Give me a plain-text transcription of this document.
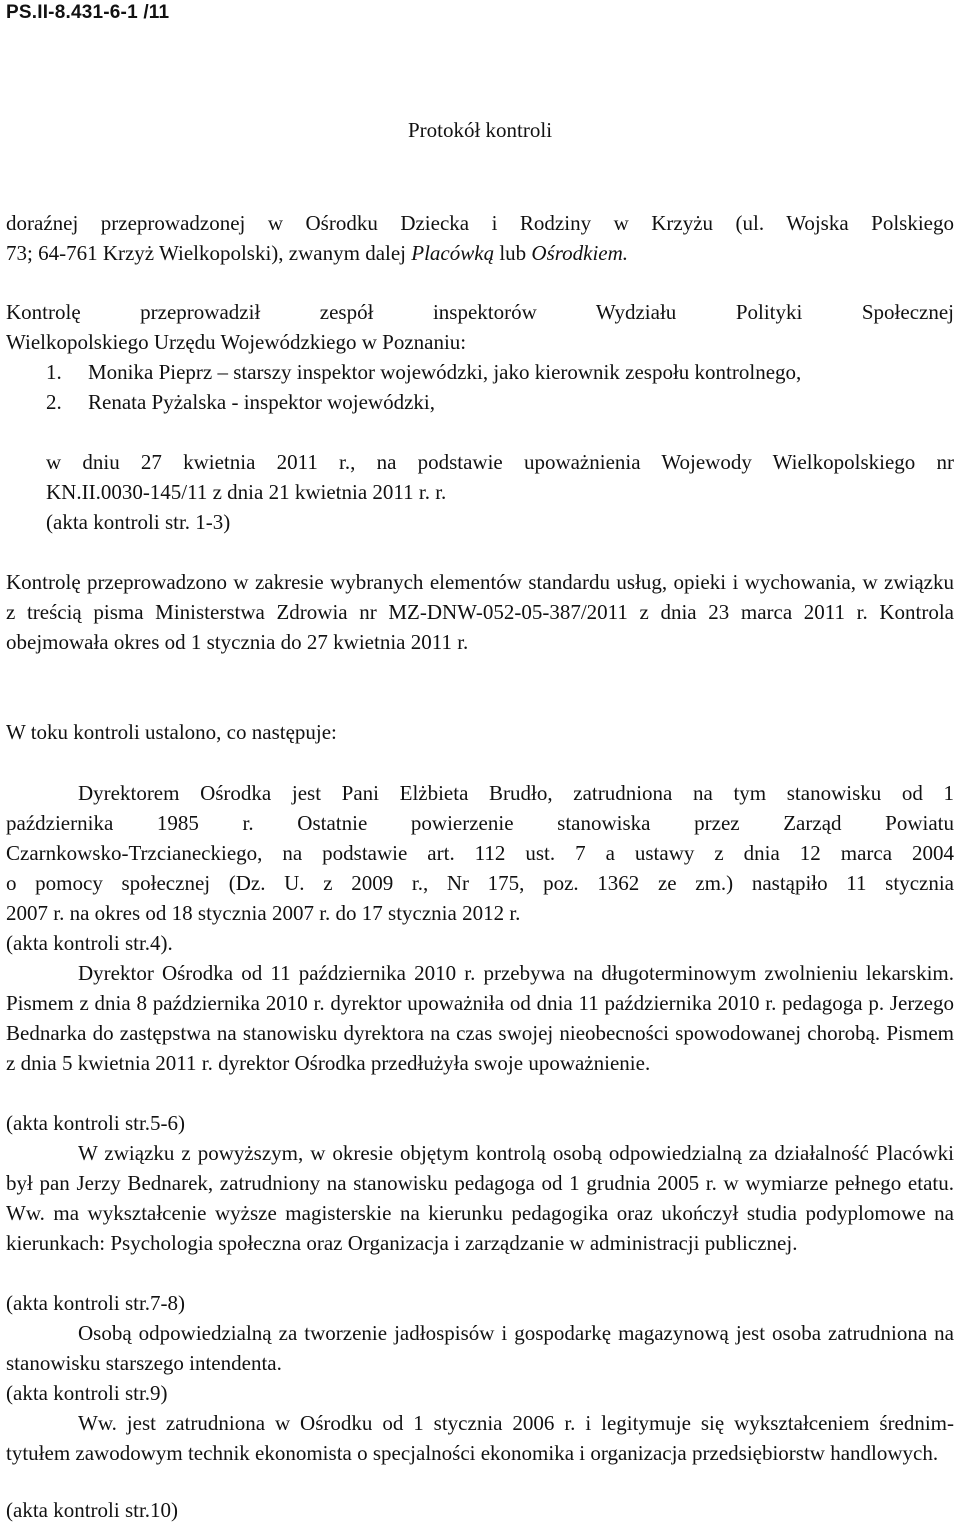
PS.II-8.431-6-1 /11
Protokół kontroli

doraźnej przeprowadzonej w Ośrodku Dziecka i Rodziny w Krzyżu (ul. Wojska Polskiego
73; 64-761 Krzyż Wielkopolski), zwanym dalej Placówką lub Ośrodkiem.

Kontrolę przeprowadził zespół inspektorów Wydziału Polityki Społecznej
Wielkopolskiego Urzędu Wojewódzkiego w Poznaniu:

1. Monika Pieprz – starszy inspektor wojewódzki, jako kierownik zespołu kontrolnego,
2. Renata Pyżalska - inspektor wojewódzki,

w dniu 27 kwietnia 2011 r., na podstawie upoważnienia Wojewody Wielkopolskiego nr
KN.II.0030-145/11 z dnia 21 kwietnia 2011 r. r.
(akta kontroli str. 1-3)

Kontrolę przeprowadzono w zakresie wybranych elementów standardu usług, opieki i wychowania, w związku z treścią pisma Ministerstwa Zdrowia nr MZ-DNW-052-05-387/2011 z dnia 23 marca 2011 r. Kontrola obejmowała okres od 1 stycznia do 27 kwietnia 2011 r.

W toku kontroli ustalono, co następuje:

Dyrektorem Ośrodka jest Pani Elżbieta Brudło, zatrudniona na tym stanowisku od 1
października 1985 r. Ostatnie powierzenie stanowiska przez Zarząd Powiatu
Czarnkowsko-Trzcianeckiego, na podstawie art. 112 ust. 7 a ustawy z dnia 12 marca 2004
o pomocy społecznej (Dz. U. z 2009 r., Nr 175, poz. 1362 ze zm.) nastąpiło 11 stycznia
2007 r. na okres od 18 stycznia 2007 r. do 17 stycznia 2012 r.
(akta kontroli str.4).

Dyrektor Ośrodka od 11 października 2010 r. przebywa na długoterminowym zwolnieniu lekarskim. Pismem z dnia 8 października 2010 r. dyrektor upoważniła od dnia 11 października 2010 r. pedagoga p. Jerzego Bednarka do zastępstwa na stanowisku dyrektora na czas swojej nieobecności spowodowanej chorobą. Pismem z dnia 5 kwietnia 2011 r. dyrektor Ośrodka przedłużyła swoje upoważnienie.

(akta kontroli str.5-6)

W związku z powyższym, w okresie objętym kontrolą osobą odpowiedzialną za działalność Placówki był pan Jerzy Bednarek, zatrudniony na stanowisku pedagoga od 1 grudnia 2005 r. w wymiarze pełnego etatu. Ww. ma wykształcenie wyższe magisterskie na kierunku pedagogika oraz ukończył studia podyplomowe na kierunkach: Psychologia społeczna oraz Organizacja i zarządzanie w administracji publicznej.

(akta kontroli str.7-8)

Osobą odpowiedzialną za tworzenie jadłospisów i gospodarkę magazynową jest osoba zatrudniona na stanowisku starszego intendenta.

(akta kontroli str.9)

Ww. jest zatrudniona w Ośrodku od 1 stycznia 2006 r. i legitymuje się wykształceniem średnim- tytułem zawodowym technik ekonomista o specjalności ekonomika i organizacja przedsiębiorstw handlowych.

(akta kontroli str.10)
